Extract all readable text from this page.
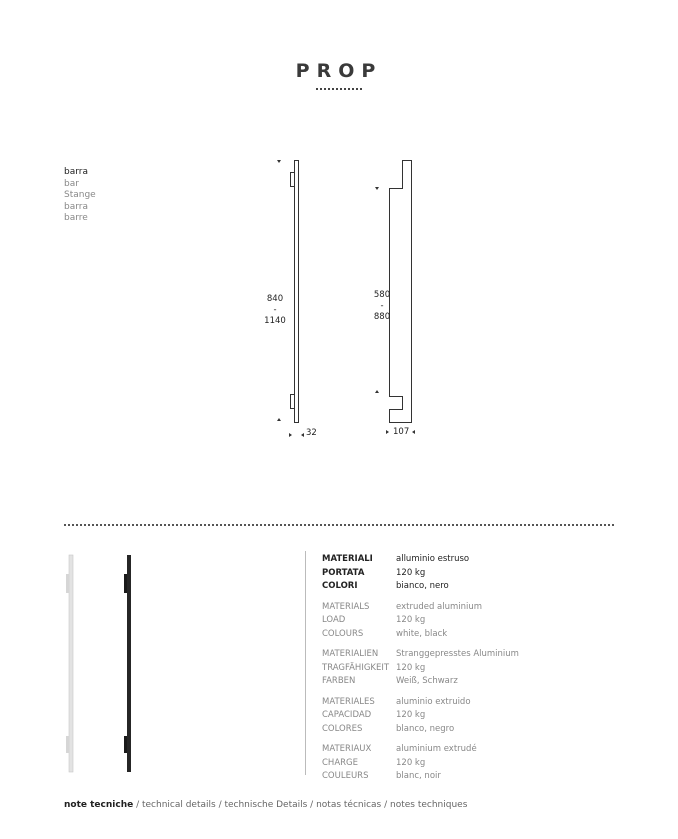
PROP
barra
bar
Stange
barra
barre
840
-
1140
32
580
-
880
107
MATERIALI	alluminio estruso
PORTATA	120 kg
COLORI	bianco, nero
MATERIALS	extruded aluminium
LOAD	120 kg
COLOURS	white, black
MATERIALIEN	Stranggepresstes Aluminium
TRAGFÄHIGKEIT 120 kg
FARBEN	Weiß, Schwarz
MATERIALES	aluminio extruido
CAPACIDAD	120 kg
COLORES	blanco, negro
MATERIAUX	aluminium extrudé
CHARGE	120 kg
COULEURS	blanc, noir
note tecniche / technical details / technische Details / notas técnicas / notes techniques
